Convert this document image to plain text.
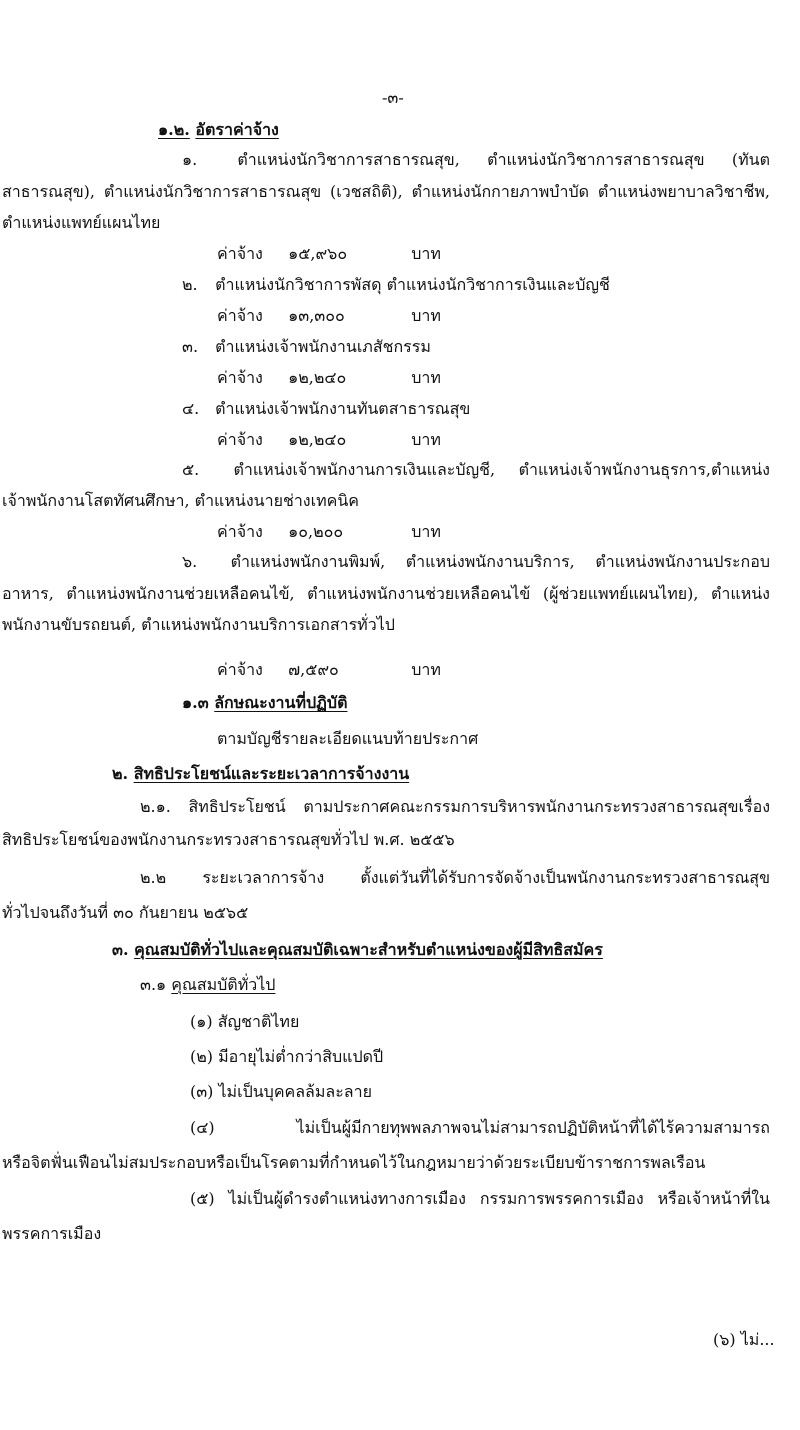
-๓-
๑.๒. อัตราค่าจ้าง
๑.	ตำแหน่งนักวิชาการสาธารณสุข, ตำแหน่งนักวิชาการสาธารณสุข (ทันต
สาธารณสุข), ตำแหน่งนักวิชาการสาธารณสุข (เวชสถิติ), ตำแหน่งนักกายภาพบำบัด ตำแหน่งพยาบาลวิชาชีพ,
ตำแหน่งแพทย์แผนไทย
ค่าจ้าง ๑๕,๙๖๐	บาท
๒. ตำแหน่งนักวิชาการพัสดุ ตำแหน่งนักวิชาการเงินและบัญชี
ค่าจ้าง ๑๓,๓๐๐	บาท
๓. ตำแหน่งเจ้าพนักงานเภสัชกรรม
ค่าจ้าง ๑๒,๒๔๐	บาท
๔. ตำแหน่งเจ้าพนักงานทันตสาธารณสุข
ค่าจ้าง ๑๒,๒๔๐	บาท
๕. ตำแหน่งเจ้าพนักงานการเงินและบัญชี, ตำแหน่งเจ้าพนักงานธุรการ,ตำแหน่ง
เจ้าพนักงานโสตทัศนศึกษา, ตำแหน่งนายช่างเทคนิค
ค่าจ้าง ๑๐,๒๐๐	บาท
๖. ตำแหน่งพนักงานพิมพ์, ตำแหน่งพนักงานบริการ, ตำแหน่งพนักงานประกอบ
อาหาร, ตำแหน่งพนักงานช่วยเหลือคนไข้, ตำแหน่งพนักงานช่วยเหลือคนไข้ (ผู้ช่วยแพทย์แผนไทย), ตำแหน่ง
พนักงานขับรถยนต์, ตำแหน่งพนักงานบริการเอกสารทั่วไป
ค่าจ้าง ๗,๕๙๐	บาท
๑.๓ ลักษณะงานที่ปฏิบัติ
ตามบัญชีรายละเอียดแนบท้ายประกาศ
๒. สิทธิประโยชน์และระยะเวลาการจ้างงาน
๒.๑. สิทธิประโยชน์ ตามประกาศคณะกรรมการบริหารพนักงานกระทรวงสาธารณสุขเรื่อง
สิทธิประโยชน์ของพนักงานกระทรวงสาธารณสุขทั่วไป พ.ศ. ๒๕๕๖
๒.๒ ระยะเวลาการจ้าง ตั้งแต่วันที่ได้รับการจัดจ้างเป็นพนักงานกระทรวงสาธารณสุข
ทั่วไปจนถึงวันที่ ๓๐ กันยายน ๒๕๖๕
๓. คุณสมบัติทั่วไปและคุณสมบัติเฉพาะสำหรับตำแหน่งของผู้มีสิทธิสมัคร
๓.๑ คุณสมบัติทั่วไป
(๑) สัญชาติไทย
(๒) มีอายุไม่ต่ำกว่าสิบแปดปี
(๓) ไม่เป็นบุคคลล้มละลาย
(๔) ไม่เป็นผู้มีกายทุพพลภาพจนไม่สามารถปฏิบัติหน้าที่ได้ไร้ความสามารถ
หรือจิตฟั่นเฟือนไม่สมประกอบหรือเป็นโรคตามที่กำหนดไว้ในกฎหมายว่าด้วยระเบียบข้าราชการพลเรือน
(๕) ไม่เป็นผู้ดำรงตำแหน่งทางการเมือง กรรมการพรรคการเมือง หรือเจ้าหน้าที่ใน
พรรคการเมือง
(๖) ไม่...
